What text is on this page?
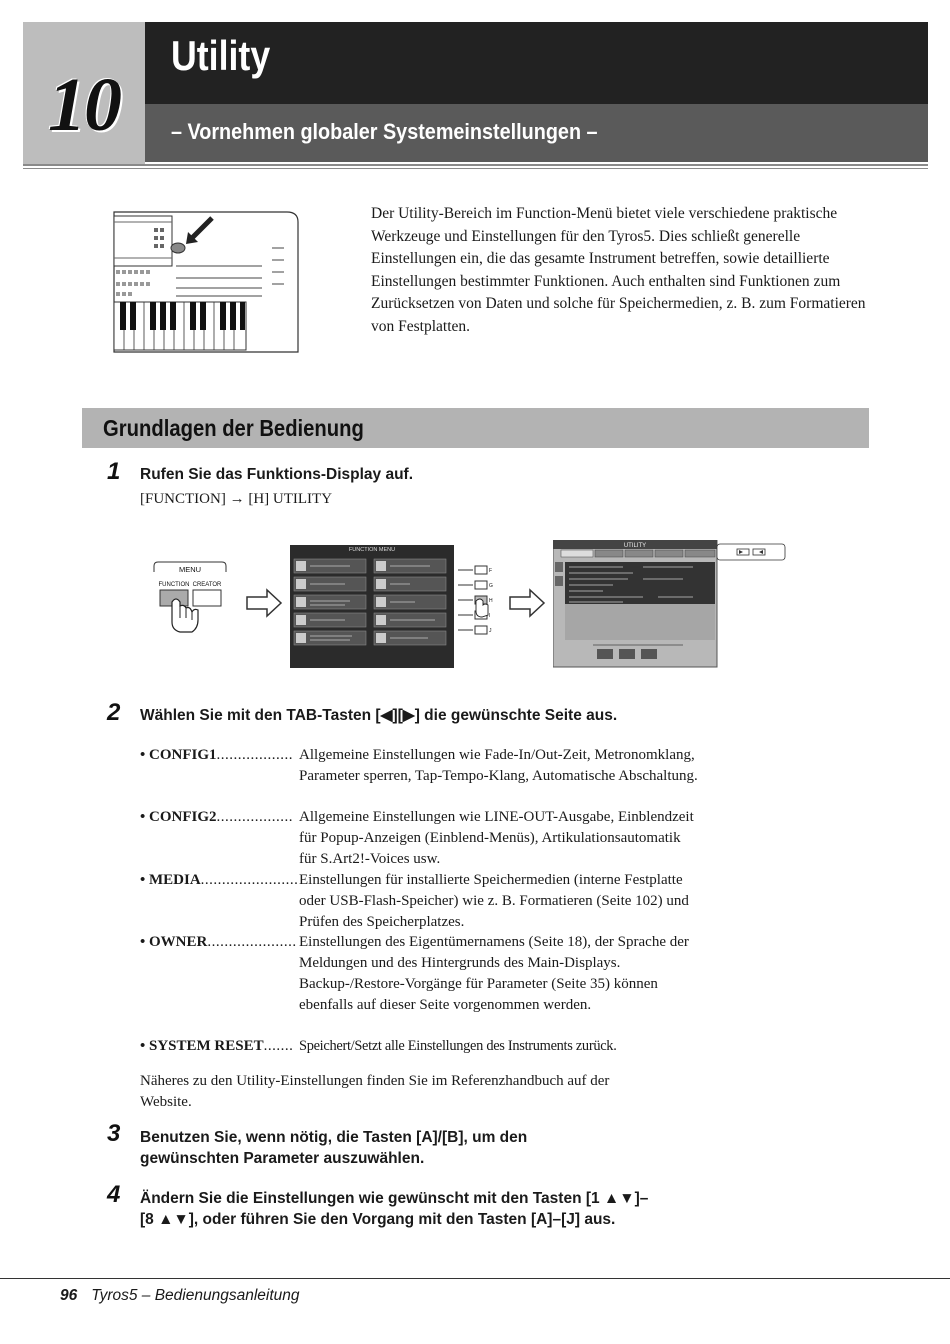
10
Utility
– Vornehmen globaler Systemeinstellungen –
Der Utility-Bereich im Function-Menü bietet viele verschiedene praktische Werkzeuge und Einstellungen für den Tyros5. Dies schließt generelle Einstellungen ein, die das gesamte Instrument betreffen, sowie detaillierte Einstellungen bestimmter Funktionen. Auch enthalten sind Funktionen zum Zurücksetzen von Daten und solche für Speichermedien, z. B. zum Formatieren von Festplatten.
Grundlagen der Bedienung
1 Rufen Sie das Funktions-Display auf.
[FUNCTION] → [H] UTILITY
MENU
FUNCTION CREATOR
FUNCTION MENU
F
G
H
I
J
UTILITY
2 Wählen Sie mit den TAB-Tasten [◀][▶] die gewünschte Seite aus.
• CONFIG1.................. Allgemeine Einstellungen wie Fade-In/Out-Zeit, Metronomklang, Parameter sperren, Tap-Tempo-Klang, Automatische Abschaltung.
• CONFIG2.................. Allgemeine Einstellungen wie LINE-OUT-Ausgabe, Einblendzeit für Popup-Anzeigen (Einblend-Menüs), Artikulationsautomatik für S.Art2!-Voices usw.
• MEDIA....................... Einstellungen für installierte Speichermedien (interne Festplatte oder USB-Flash-Speicher) wie z. B. Formatieren (Seite 102) und Prüfen des Speicherplatzes.
• OWNER..................... Einstellungen des Eigentümernamens (Seite 18), der Sprache der Meldungen und des Hintergrunds des Main-Displays. Backup-/Restore-Vorgänge für Parameter (Seite 35) können ebenfalls auf dieser Seite vorgenommen werden.
• SYSTEM RESET....... Speichert/Setzt alle Einstellungen des Instruments zurück.
Näheres zu den Utility-Einstellungen finden Sie im Referenzhandbuch auf der Website.
3 Benutzen Sie, wenn nötig, die Tasten [A]/[B], um den gewünschten Parameter auszuwählen.
4 Ändern Sie die Einstellungen wie gewünscht mit den Tasten [1 ▲▼]–[8 ▲▼], oder führen Sie den Vorgang mit den Tasten [A]–[J] aus.
96 Tyros5 – Bedienungsanleitung
